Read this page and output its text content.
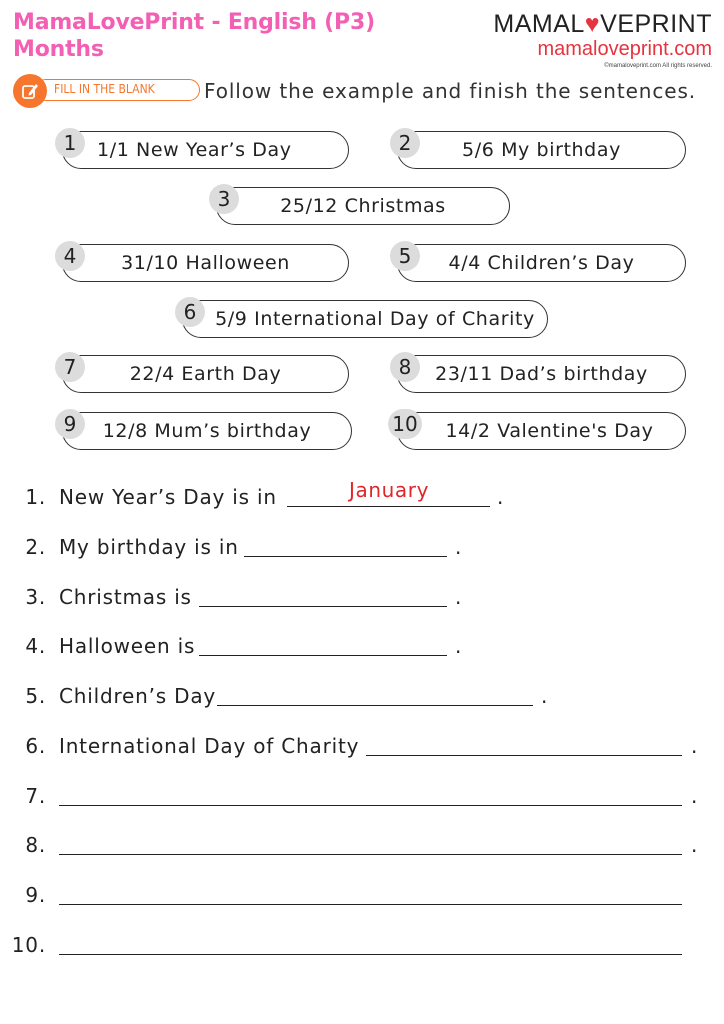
MamaLovePrint - English (P3)
Months
MAMAL♥VEPRINT
mamaloveprint.com
©mamaloveprint.com All rights reserved.
FILL IN THE BLANK	Follow the example and finish the sentences.
1	1/1 New Year’s Day	2	5/6 My birthday
3	25/12 Christmas
4	31/10 Halloween	5	4/4 Children’s Day
6 5/9 International Day of Charity
7	22/4 Earth Day	8	23/11 Dad’s birthday
9	12/8 Mum’s birthday	10	14/2 Valentine's Day
1. New Year’s Day is in	January	.
2. My birthday is in	.
3. Christmas is	.
4. Halloween is	.
5. Children’s Day	.
6. International Day of Charity	.
7.	.
8.	.
9.
10.
